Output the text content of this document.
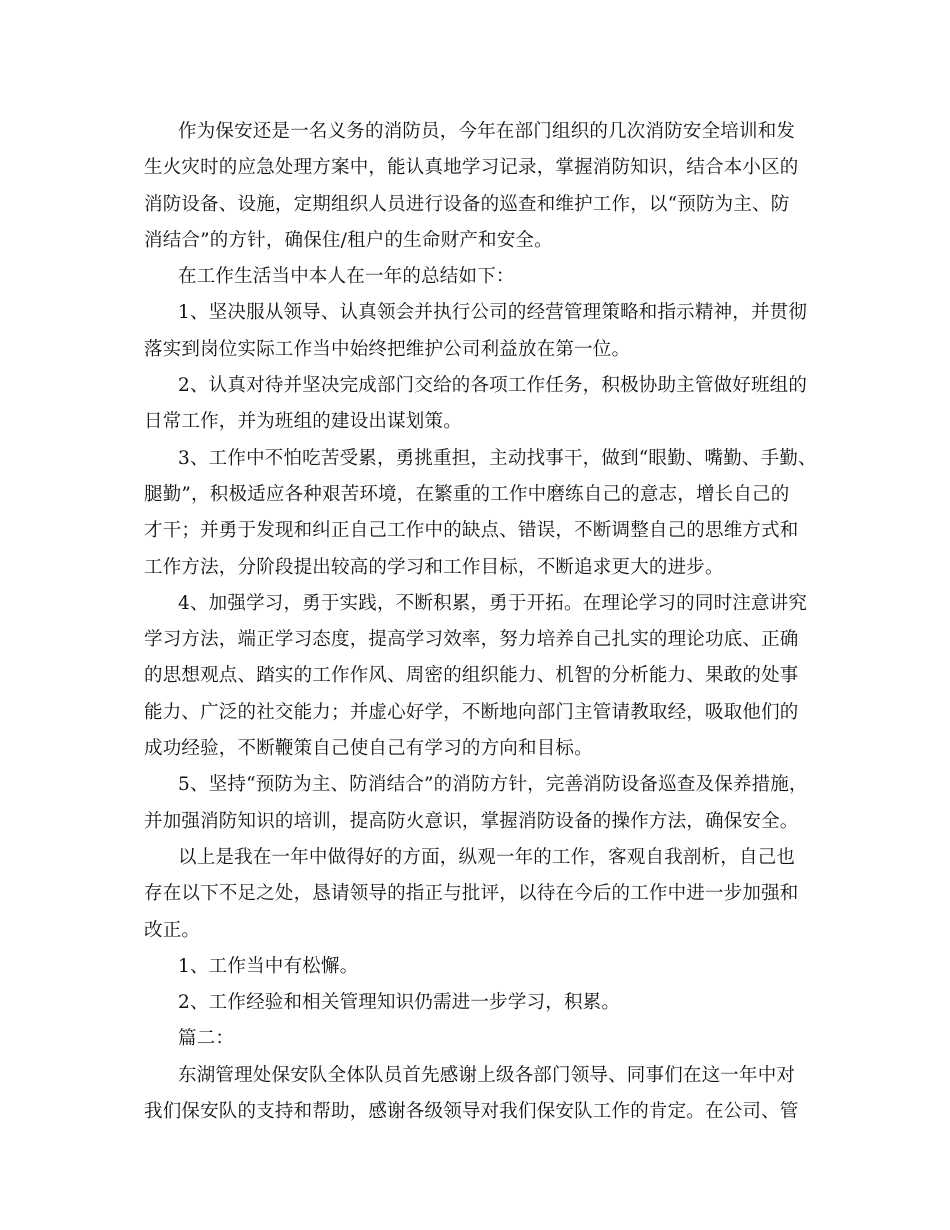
作为保安还是一名义务的消防员，今年在部门组织的几次消防安全培训和发
生火灾时的应急处理方案中，能认真地学习记录，掌握消防知识，结合本小区的
消防设备、设施，定期组织人员进行设备的巡查和维护工作，以“预防为主、防
消结合”的方针，确保住/租户的生命财产和安全。
在工作生活当中本人在一年的总结如下：
1、坚决服从领导、认真领会并执行公司的经营管理策略和指示精神，并贯彻
落实到岗位实际工作当中始终把维护公司利益放在第一位。
2、认真对待并坚决完成部门交给的各项工作任务，积极协助主管做好班组的
日常工作，并为班组的建设出谋划策。
3、工作中不怕吃苦受累，勇挑重担，主动找事干，做到“眼勤、嘴勤、手勤、
腿勤”，积极适应各种艰苦环境，在繁重的工作中磨练自己的意志，增长自己的
才干；并勇于发现和纠正自己工作中的缺点、错误，不断调整自己的思维方式和
工作方法，分阶段提出较高的学习和工作目标，不断追求更大的进步。
4、加强学习，勇于实践，不断积累，勇于开拓。在理论学习的同时注意讲究
学习方法，端正学习态度，提高学习效率，努力培养自己扎实的理论功底、正确
的思想观点、踏实的工作作风、周密的组织能力、机智的分析能力、果敢的处事
能力、广泛的社交能力；并虚心好学，不断地向部门主管请教取经，吸取他们的
成功经验，不断鞭策自己使自己有学习的方向和目标。
5、坚持“预防为主、防消结合”的消防方针，完善消防设备巡查及保养措施，
并加强消防知识的培训，提高防火意识，掌握消防设备的操作方法，确保安全。
以上是我在一年中做得好的方面，纵观一年的工作，客观自我剖析，自己也
存在以下不足之处，恳请领导的指正与批评，以待在今后的工作中进一步加强和
改正。
1、工作当中有松懈。
2、工作经验和相关管理知识仍需进一步学习，积累。
篇二：
东湖管理处保安队全体队员首先感谢上级各部门领导、同事们在这一年中对
我们保安队的支持和帮助，感谢各级领导对我们保安队工作的肯定。在公司、管
